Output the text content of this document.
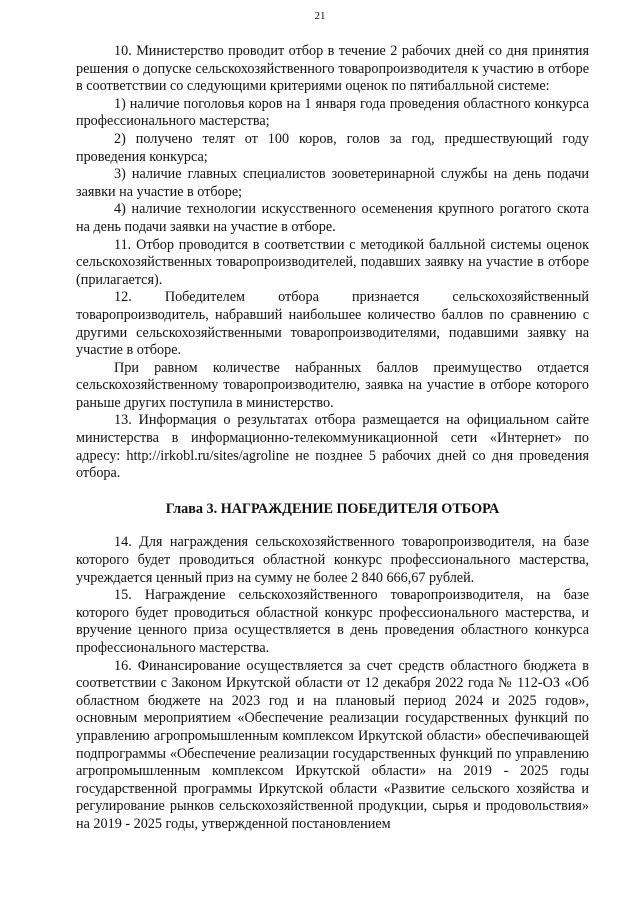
21

10. Министерство проводит отбор в течение 2 рабочих дней со дня принятия решения о допуске сельскохозяйственного товаропроизводителя к участию в отборе в соответствии со следующими критериями оценок по пятибалльной системе:

1) наличие поголовья коров на 1 января года проведения областного конкурса профессионального мастерства;

2) получено телят от 100 коров, голов за год, предшествующий году проведения конкурса;

3) наличие главных специалистов зооветеринарной службы на день подачи заявки на участие в отборе;

4) наличие технологии искусственного осеменения крупного рогатого скота на день подачи заявки на участие в отборе.

11. Отбор проводится в соответствии с методикой балльной системы оценок сельскохозяйственных товаропроизводителей, подавших заявку на участие в отборе (прилагается).

12. Победителем отбора признается сельскохозяйственный товаропроизводитель, набравший наибольшее количество баллов по сравнению с другими сельскохозяйственными товаропроизводителями, подавшими заявку на участие в отборе.

При равном количестве набранных баллов преимущество отдается сельскохозяйственному товаропроизводителю, заявка на участие в отборе которого раньше других поступила в министерство.

13. Информация о результатах отбора размещается на официальном сайте министерства в информационно-телекоммуникационной сети «Интернет» по адресу: http://irkobl.ru/sites/agroline не позднее 5 рабочих дней со дня проведения отбора.

Глава 3. НАГРАЖДЕНИЕ ПОБЕДИТЕЛЯ ОТБОРА

14. Для награждения сельскохозяйственного товаропроизводителя, на базе которого будет проводиться областной конкурс профессионального мастерства, учреждается ценный приз на сумму не более 2 840 666,67 рублей.

15. Награждение сельскохозяйственного товаропроизводителя, на базе которого будет проводиться областной конкурс профессионального мастерства, и вручение ценного приза осуществляется в день проведения областного конкурса профессионального мастерства.

16. Финансирование осуществляется за счет средств областного бюджета в соответствии с Законом Иркутской области от 12 декабря 2022 года № 112-ОЗ «Об областном бюджете на 2023 год и на плановый период 2024 и 2025 годов», основным мероприятием «Обеспечение реализации государственных функций по управлению агропромышленным комплексом Иркутской области» обеспечивающей подпрограммы «Обеспечение реализации государственных функций по управлению агропромышленным комплексом Иркутской области» на 2019 - 2025 годы государственной программы Иркутской области «Развитие сельского хозяйства и регулирование рынков сельскохозяйственной продукции, сырья и продовольствия» на 2019 - 2025 годы, утвержденной постановлением
